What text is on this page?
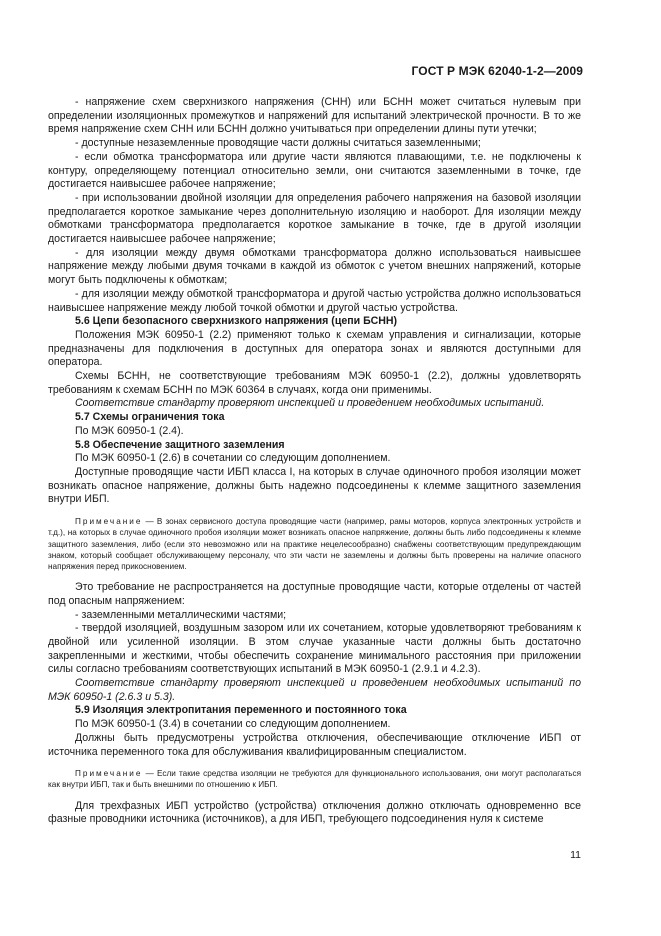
ГОСТ Р МЭК 62040-1-2—2009

- напряжение схем сверхнизкого напряжения (СНН) или БСНН может считаться нулевым при определении изоляционных промежутков и напряжений для испытаний электрической прочности. В то же время напряжение схем СНН или БСНН должно учитываться при определении длины пути утечки;

- доступные незаземленные проводящие части должны считаться заземленными;

- если обмотка трансформатора или другие части являются плавающими, т.е. не подключены к контуру, определяющему потенциал относительно земли, они считаются заземленными в точке, где достигается наивысшее рабочее напряжение;

- при использовании двойной изоляции для определения рабочего напряжения на базовой изоляции предполагается короткое замыкание через дополнительную изоляцию и наоборот. Для изоляции между обмотками трансформатора предполагается короткое замыкание в точке, где в другой изоляции достигается наивысшее рабочее напряжение;

- для изоляции между двумя обмотками трансформатора должно использоваться наивысшее напряжение между любыми двумя точками в каждой из обмоток с учетом внешних напряжений, которые могут быть подключены к обмоткам;

- для изоляции между обмоткой трансформатора и другой частью устройства должно использоваться наивысшее напряжение между любой точкой обмотки и другой частью устройства.

5.6 Цепи безопасного сверхнизкого напряжения (цепи БСНН)

Положения МЭК 60950-1 (2.2) применяют только к схемам управления и сигнализации, которые предназначены для подключения в доступных для оператора зонах и являются доступными для оператора.

Схемы БСНН, не соответствующие требованиям МЭК 60950-1 (2.2), должны удовлетворять требованиям к схемам БСНН по МЭК 60364 в случаях, когда они применимы.

Соответствие стандарту проверяют инспекцией и проведением необходимых испытаний.

5.7 Схемы ограничения тока

По МЭК 60950-1 (2.4).

5.8 Обеспечение защитного заземления

По МЭК 60950-1 (2.6) в сочетании со следующим дополнением.

Доступные проводящие части ИБП класса I, на которых в случае одиночного пробоя изоляции может возникать опасное напряжение, должны быть надежно подсоединены к клемме защитного заземления внутри ИБП.

Примечание — В зонах сервисного доступа проводящие части (например, рамы моторов, корпуса электронных устройств и т.д.), на которых в случае одиночного пробоя изоляции может возникать опасное напряжение, должны быть либо подсоединены к клемме защитного заземления, либо (если это невозможно или на практике нецелесообразно) снабжены соответствующим предупреждающим знаком, который сообщает обслуживающему персоналу, что эти части не заземлены и должны быть проверены на наличие опасного напряжения перед прикосновением.

Это требование не распространяется на доступные проводящие части, которые отделены от частей под опасным напряжением:

- заземленными металлическими частями;

- твердой изоляцией, воздушным зазором или их сочетанием, которые удовлетворяют требованиям к двойной или усиленной изоляции. В этом случае указанные части должны быть достаточно закрепленными и жесткими, чтобы обеспечить сохранение минимального расстояния при приложении силы согласно требованиям соответствующих испытаний в МЭК 60950-1 (2.9.1 и 4.2.3).

Соответствие стандарту проверяют инспекцией и проведением необходимых испытаний по МЭК 60950-1 (2.6.3 и 5.3).

5.9 Изоляция электропитания переменного и постоянного тока

По МЭК 60950-1 (3.4) в сочетании со следующим дополнением.

Должны быть предусмотрены устройства отключения, обеспечивающие отключение ИБП от источника переменного тока для обслуживания квалифицированным специалистом.

Примечание — Если такие средства изоляции не требуются для функционального использования, они могут располагаться как внутри ИБП, так и быть внешними по отношению к ИБП.

Для трехфазных ИБП устройство (устройства) отключения должно отключать одновременно все фазные проводники источника (источников), а для ИБП, требующего подсоединения нуля к системе

11
